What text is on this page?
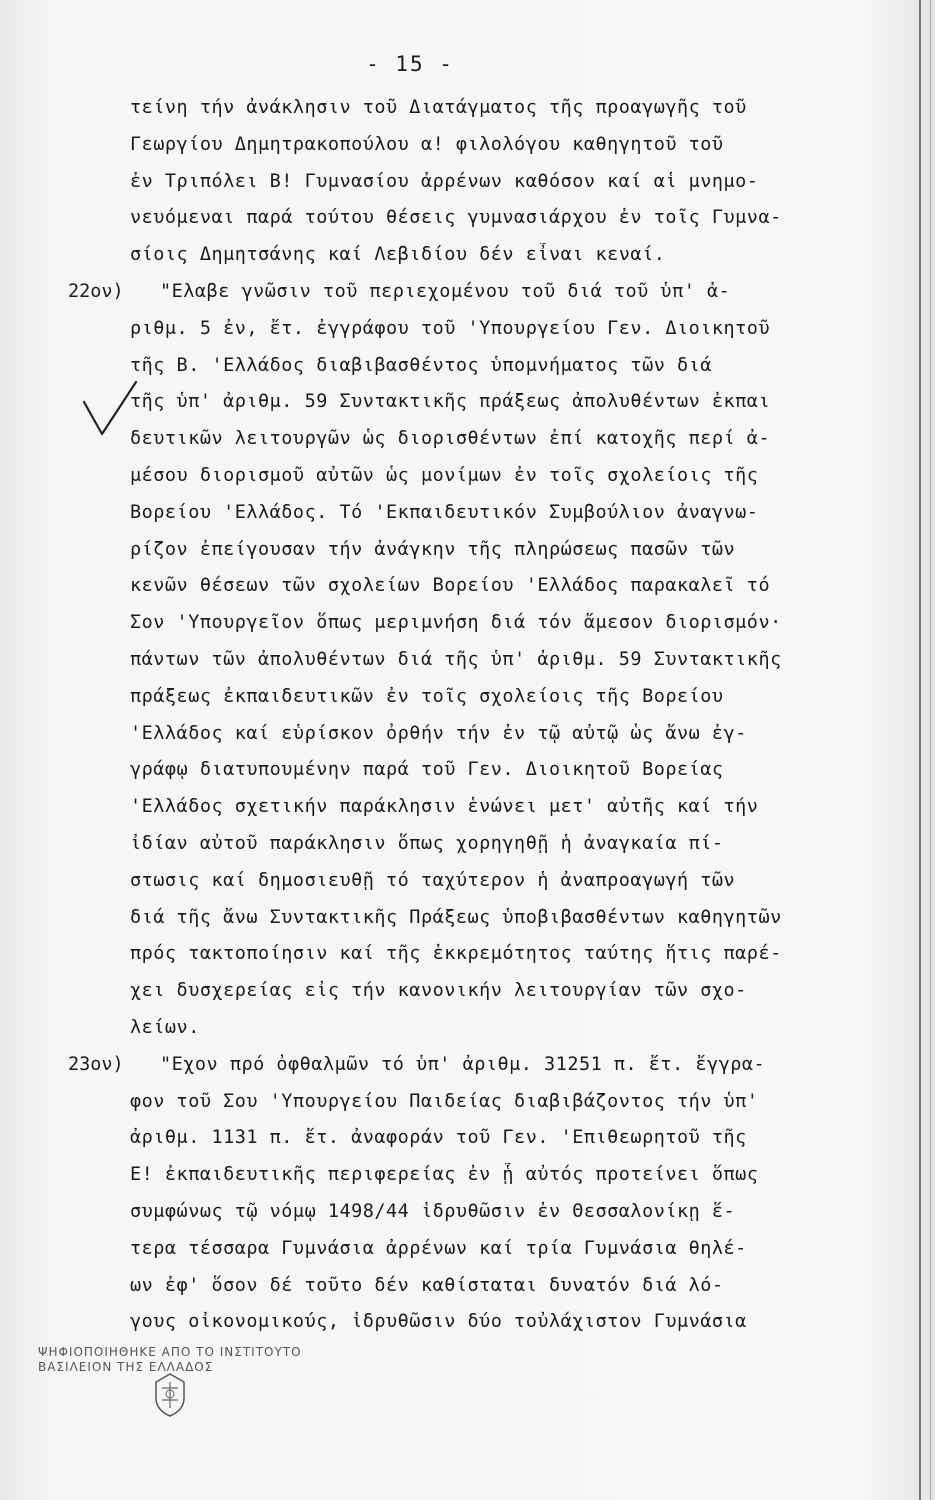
- 15 -
τείνη τήν ἀνάκλησιν τοῦ Διατάγματος τῆς προαγωγῆς τοῦ
Γεωργίου Δημητρακοπούλου α! φιλολόγου καθηγητοῦ τοῦ
ἐν Τριπόλει Β! Γυμνασίου ἀρρένων καθόσον καί αἱ μνημο-
νευόμεναι παρά τούτου θέσεις γυμνασιάρχου ἐν τοῖς Γυμνα-
σίοις Δημητσάνης καί Λεβιδίου δέν εἶναι κεναί.
22ον) "Ελαβε γνῶσιν τοῦ περιεχομένου τοῦ διά τοῦ ὑπ' ἀ-
ριθμ. 5 ἐν, ἔτ. ἐγγράφου τοῦ 'Υπουργείου Γεν. Διοικητοῦ
τῆς Β. 'Ελλάδος διαβιβασθέντος ὑπομνήματος τῶν διά
τῆς ὑπ' ἀριθμ. 59 Συντακτικῆς πράξεως ἀπολυθέντων ἐκπαι
δευτικῶν λειτουργῶν ὡς διορισθέντων ἐπί κατοχῆς περί ἀ-
μέσου διορισμοῦ αὐτῶν ὡς μονίμων ἐν τοῖς σχολείοις τῆς
Βορείου 'Ελλάδος. Τό 'Εκπαιδευτικόν Συμβούλιον ἀναγνω-
ρίζον ἐπείγουσαν τήν ἀνάγκην τῆς πληρώσεως πασῶν τῶν
κενῶν θέσεων τῶν σχολείων Βορείου 'Ελλάδος παρακαλεῖ τό
Σον 'Υπουργεῖον ὅπως μεριμνήση διά τόν ἄμεσον διορισμόν·
πάντων τῶν ἀπολυθέντων διά τῆς ὑπ' ἀριθμ. 59 Συντακτικῆς
πράξεως ἐκπαιδευτικῶν ἐν τοῖς σχολείοις τῆς Βορείου
'Ελλάδος καί εὑρίσκον ὀρθήν τήν ἐν τῷ αὐτῷ ὡς ἄνω ἐγ-
γράφῳ διατυπουμένην παρά τοῦ Γεν. Διοικητοῦ Βορείας
'Ελλάδος σχετικήν παράκλησιν ἑνώνει μετ' αὐτῆς καί τήν
ἰδίαν αὐτοῦ παράκλησιν ὅπως χορηγηθῇ ἡ ἀναγκαία πί-
στωσις καί δημοσιευθῇ τό ταχύτερον ἡ ἀναπροαγωγή τῶν
διά τῆς ἄνω Συντακτικῆς Πράξεως ὑποβιβασθέντων καθηγητῶν
πρός τακτοποίησιν καί τῆς ἐκκρεμότητος ταύτης ἥτις παρέ-
χει δυσχερείας εἰς τήν κανονικήν λειτουργίαν τῶν σχο-
λείων.
23ον) "Εχον πρό ὀφθαλμῶν τό ὑπ' ἀριθμ. 31251 π. ἔτ. ἔγγρα-
φον τοῦ Σου 'Υπουργείου Παιδείας διαβιβάζοντος τήν ὑπ'
ἀριθμ. 1131 π. ἔτ. ἀναφοράν τοῦ Γεν. 'Επιθεωρητοῦ τῆς
Ε! ἐκπαιδευτικῆς περιφερείας ἐν ᾗ αὐτός προτείνει ὅπως
συμφώνως τῷ νόμῳ 1498/44 ἱδρυθῶσιν ἐν Θεσσαλονίκῃ ἕ-
τερα τέσσαρα Γυμνάσια ἀρρένων καί τρία Γυμνάσια θηλέ-
ων ἐφ' ὅσον δέ τοῦτο δέν καθίσταται δυνατόν διά λό-
γους οἰκονομικούς, ἱδρυθῶσιν δύο τοὐλάχιστον Γυμνάσια
ΨΗΦΙΟΠΟΙΗΘΗΚΕ ΑΠΟ ΤΟ ΙΝΣΤΙΤΟΥΤΟ
ΒΑΣΙΛΕΙΟΝ ΤΗΣ ΕΛΛΑΔΟΣ
